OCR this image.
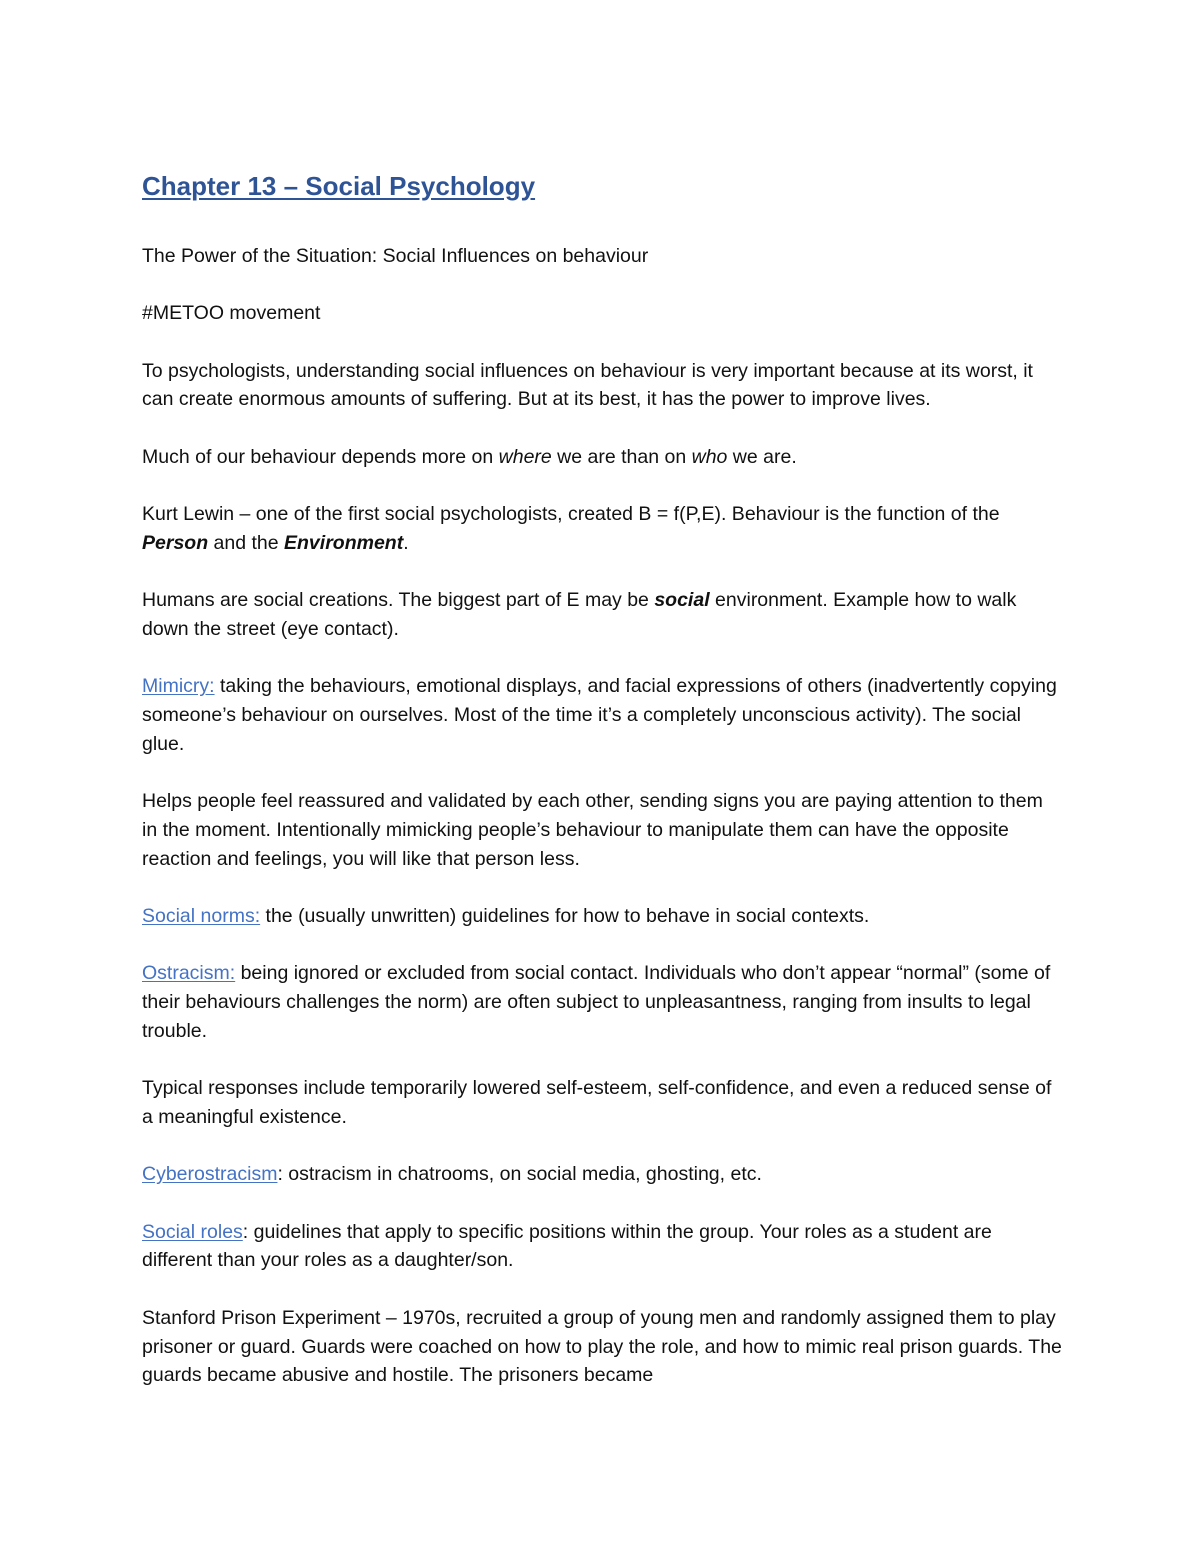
Chapter 13 – Social Psychology

The Power of the Situation: Social Influences on behaviour

#METOO movement

To psychologists, understanding social influences on behaviour is very important because at its worst, it can create enormous amounts of suffering. But at its best, it has the power to improve lives.

Much of our behaviour depends more on where we are than on who we are.

Kurt Lewin – one of the first social psychologists, created B = f(P,E). Behaviour is the function of the Person and the Environment.

Humans are social creations. The biggest part of E may be social environment. Example how to walk down the street (eye contact).

Mimicry: taking the behaviours, emotional displays, and facial expressions of others (inadvertently copying someone’s behaviour on ourselves. Most of the time it’s a completely unconscious activity). The social glue.

Helps people feel reassured and validated by each other, sending signs you are paying attention to them in the moment. Intentionally mimicking people’s behaviour to manipulate them can have the opposite reaction and feelings, you will like that person less.

Social norms: the (usually unwritten) guidelines for how to behave in social contexts.

Ostracism: being ignored or excluded from social contact. Individuals who don’t appear “normal” (some of their behaviours challenges the norm) are often subject to unpleasantness, ranging from insults to legal trouble.

Typical responses include temporarily lowered self-esteem, self-confidence, and even a reduced sense of a meaningful existence.

Cyberostracism: ostracism in chatrooms, on social media, ghosting, etc.

Social roles: guidelines that apply to specific positions within the group. Your roles as a student are different than your roles as a daughter/son.

Stanford Prison Experiment – 1970s, recruited a group of young men and randomly assigned them to play prisoner or guard. Guards were coached on how to play the role, and how to mimic real prison guards. The guards became abusive and hostile. The prisoners became
